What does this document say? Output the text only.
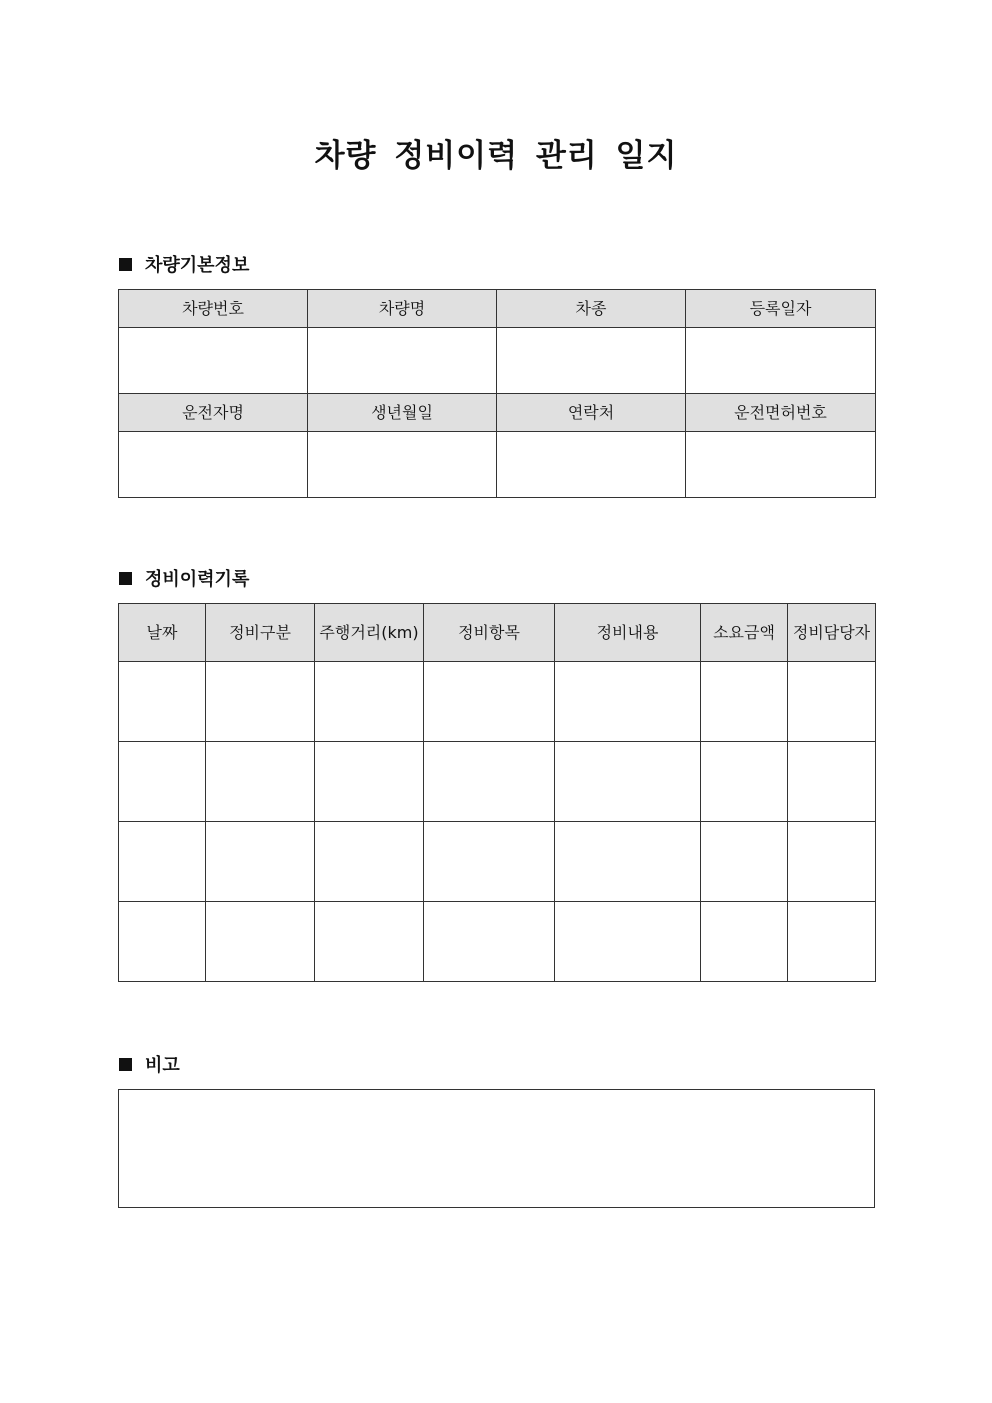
차량 정비이력 관리 일지
차량기본정보
차량번호	차량명	차종	등록일자

운전자명	생년월일	연락처	운전면허번호

정비이력기록
날짜	정비구분	주행거리(km)	정비항목	정비내용	소요금액	정비담당자

비고
